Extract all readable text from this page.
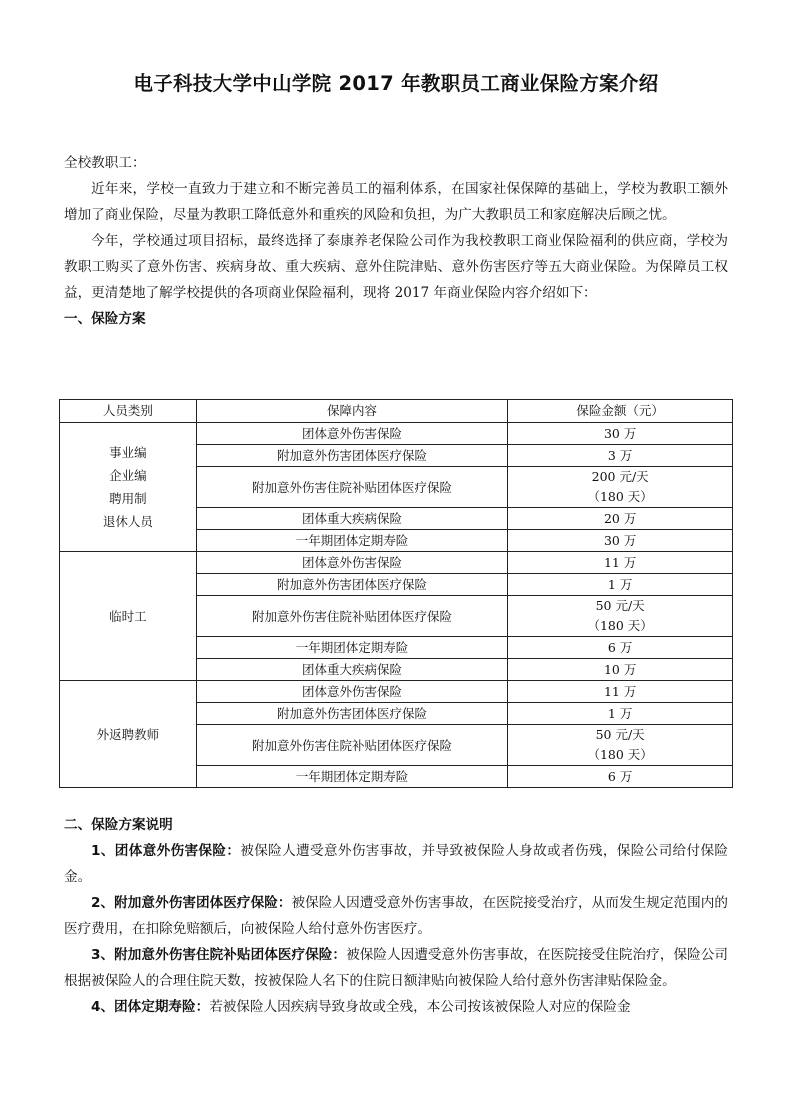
电子科技大学中山学院 2017 年教职员工商业保险方案介绍

全校教职工：

近年来，学校一直致力于建立和不断完善员工的福利体系，在国家社保保障的基础上，学校为教职工额外增加了商业保险，尽量为教职工降低意外和重疾的风险和负担，为广大教职员工和家庭解决后顾之忧。

今年，学校通过项目招标，最终选择了泰康养老保险公司作为我校教职工商业保险福利的供应商，学校为教职工购买了意外伤害、疾病身故、重大疾病、意外住院津贴、意外伤害医疗等五大商业保险。为保障员工权益，更清楚地了解学校提供的各项商业保险福利，现将 2017 年商业保险内容介绍如下：

一、保险方案

人员类别	保障内容	保险金额（元）

事业编
企业编
聘用制
退休人员	团体意外伤害保险	30 万
	附加意外伤害团体医疗保险	3 万
	附加意外伤害住院补贴团体医疗保险	200 元/天
（180 天）

	团体重大疾病保险	20 万
	一年期团体定期寿险	30 万

临时工	团体意外伤害保险	11 万
	附加意外伤害团体医疗保险	1 万
	附加意外伤害住院补贴团体医疗保险	50 元/天
（180 天）

	一年期团体定期寿险	6 万
	团体重大疾病保险	10 万

外返聘教师	团体意外伤害保险	11 万
	附加意外伤害团体医疗保险	1 万
	附加意外伤害住院补贴团体医疗保险	50 元/天
（180 天）

	一年期团体定期寿险	6 万

二、保险方案说明

1、团体意外伤害保险：被保险人遭受意外伤害事故，并导致被保险人身故或者伤残，保险公司给付保险金。

2、附加意外伤害团体医疗保险：被保险人因遭受意外伤害事故，在医院接受治疗，从而发生规定范围内的医疗费用，在扣除免赔额后，向被保险人给付意外伤害医疗。

3、附加意外伤害住院补贴团体医疗保险：被保险人因遭受意外伤害事故，在医院接受住院治疗，保险公司根据被保险人的合理住院天数，按被保险人名下的住院日额津贴向被保险人给付意外伤害津贴保险金。

4、团体定期寿险：若被保险人因疾病导致身故或全残，本公司按该被保险人对应的保险金
